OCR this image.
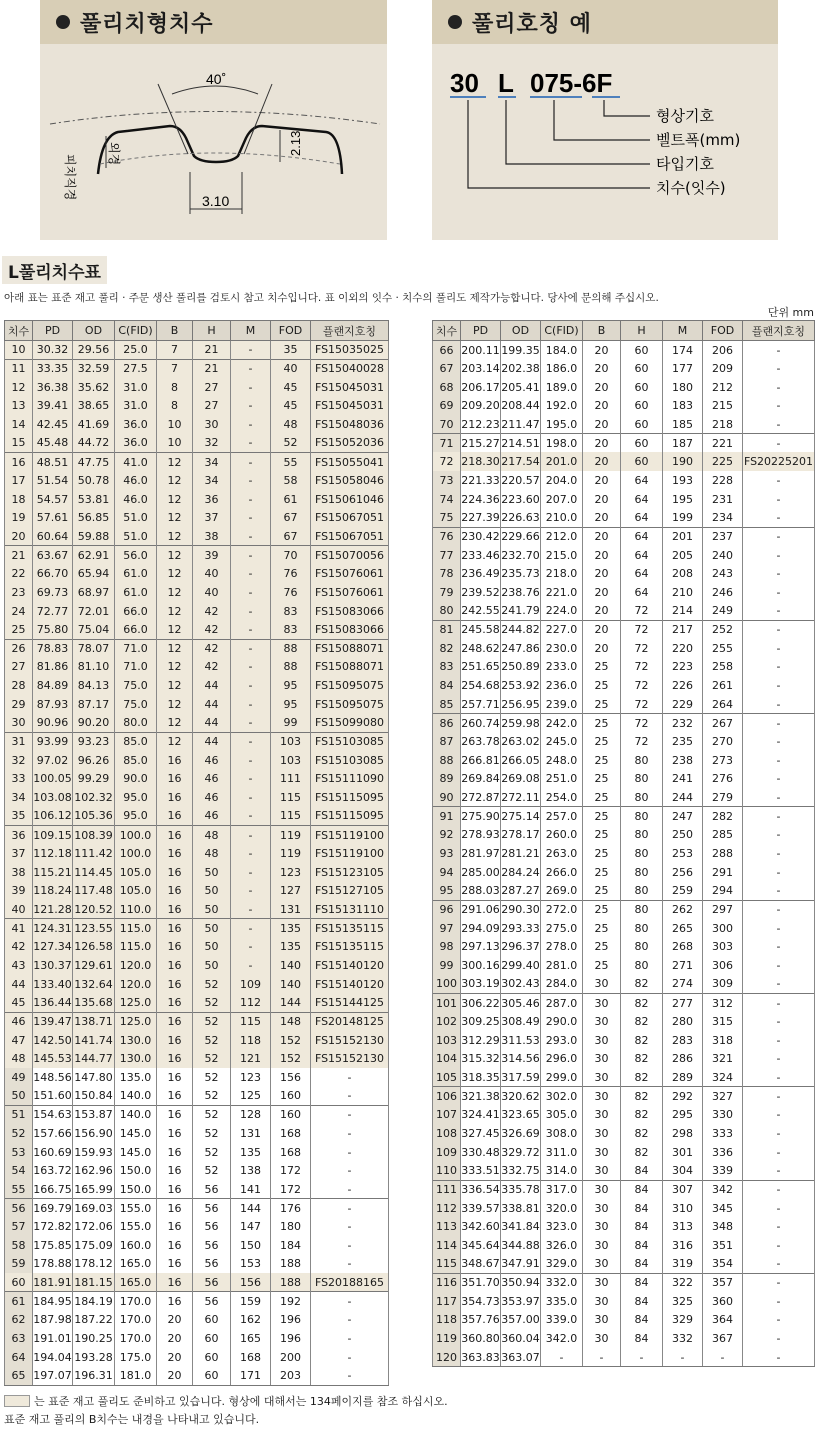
풀리치형치수
40˚
2.13
3.10
외경
피치직경
풀리호칭 예
30 L 075-6F
형상기호
벨트폭(mm)
타입기호
치수(잇수)
L풀리치수표
아래 표는 표준 재고 풀리 · 주문 생산 풀리를 검토시 참고 치수입니다. 표 이외의 잇수 · 치수의 풀리도 제작가능합니다. 당사에 문의해 주십시오.
단위 mm
치수	PD	OD	C(FID)	B	H	M	FOD	플랜지호칭
10	30.32	29.56	25.0	7	21	-	35	FS15035025
11	33.35	32.59	27.5	7	21	-	40	FS15040028
12	36.38	35.62	31.0	8	27	-	45	FS15045031
13	39.41	38.65	31.0	8	27	-	45	FS15045031
14	42.45	41.69	36.0	10	30	-	48	FS15048036
15	45.48	44.72	36.0	10	32	-	52	FS15052036
16	48.51	47.75	41.0	12	34	-	55	FS15055041
17	51.54	50.78	46.0	12	34	-	58	FS15058046
18	54.57	53.81	46.0	12	36	-	61	FS15061046
19	57.61	56.85	51.0	12	37	-	67	FS15067051
20	60.64	59.88	51.0	12	38	-	67	FS15067051
21	63.67	62.91	56.0	12	39	-	70	FS15070056
22	66.70	65.94	61.0	12	40	-	76	FS15076061
23	69.73	68.97	61.0	12	40	-	76	FS15076061
24	72.77	72.01	66.0	12	42	-	83	FS15083066
25	75.80	75.04	66.0	12	42	-	83	FS15083066
26	78.83	78.07	71.0	12	42	-	88	FS15088071
27	81.86	81.10	71.0	12	42	-	88	FS15088071
28	84.89	84.13	75.0	12	44	-	95	FS15095075
29	87.93	87.17	75.0	12	44	-	95	FS15095075
30	90.96	90.20	80.0	12	44	-	99	FS15099080
31	93.99	93.23	85.0	12	44	-	103	FS15103085
32	97.02	96.26	85.0	16	46	-	103	FS15103085
33	100.05	99.29	90.0	16	46	-	111	FS15111090
34	103.08	102.32	95.0	16	46	-	115	FS15115095
35	106.12	105.36	95.0	16	46	-	115	FS15115095
36	109.15	108.39	100.0	16	48	-	119	FS15119100
37	112.18	111.42	100.0	16	48	-	119	FS15119100
38	115.21	114.45	105.0	16	50	-	123	FS15123105
39	118.24	117.48	105.0	16	50	-	127	FS15127105
40	121.28	120.52	110.0	16	50	-	131	FS15131110
41	124.31	123.55	115.0	16	50	-	135	FS15135115
42	127.34	126.58	115.0	16	50	-	135	FS15135115
43	130.37	129.61	120.0	16	50	-	140	FS15140120
44	133.40	132.64	120.0	16	52	109	140	FS15140120
45	136.44	135.68	125.0	16	52	112	144	FS15144125
46	139.47	138.71	125.0	16	52	115	148	FS20148125
47	142.50	141.74	130.0	16	52	118	152	FS15152130
48	145.53	144.77	130.0	16	52	121	152	FS15152130
49	148.56	147.80	135.0	16	52	123	156	-
50	151.60	150.84	140.0	16	52	125	160	-
51	154.63	153.87	140.0	16	52	128	160	-
52	157.66	156.90	145.0	16	52	131	168	-
53	160.69	159.93	145.0	16	52	135	168	-
54	163.72	162.96	150.0	16	52	138	172	-
55	166.75	165.99	150.0	16	56	141	172	-
56	169.79	169.03	155.0	16	56	144	176	-
57	172.82	172.06	155.0	16	56	147	180	-
58	175.85	175.09	160.0	16	56	150	184	-
59	178.88	178.12	165.0	16	56	153	188	-
60	181.91	181.15	165.0	16	56	156	188	FS20188165
61	184.95	184.19	170.0	16	56	159	192	-
62	187.98	187.22	170.0	20	60	162	196	-
63	191.01	190.25	170.0	20	60	165	196	-
64	194.04	193.28	175.0	20	60	168	200	-
65	197.07	196.31	181.0	20	60	171	203	-
치수	PD	OD	C(FID)	B	H	M	FOD	플랜지호칭
66	200.11	199.35	184.0	20	60	174	206	-
67	203.14	202.38	186.0	20	60	177	209	-
68	206.17	205.41	189.0	20	60	180	212	-
69	209.20	208.44	192.0	20	60	183	215	-
70	212.23	211.47	195.0	20	60	185	218	-
71	215.27	214.51	198.0	20	60	187	221	-
72	218.30	217.54	201.0	20	60	190	225	FS20225201
73	221.33	220.57	204.0	20	64	193	228	-
74	224.36	223.60	207.0	20	64	195	231	-
75	227.39	226.63	210.0	20	64	199	234	-
76	230.42	229.66	212.0	20	64	201	237	-
77	233.46	232.70	215.0	20	64	205	240	-
78	236.49	235.73	218.0	20	64	208	243	-
79	239.52	238.76	221.0	20	64	210	246	-
80	242.55	241.79	224.0	20	72	214	249	-
81	245.58	244.82	227.0	20	72	217	252	-
82	248.62	247.86	230.0	20	72	220	255	-
83	251.65	250.89	233.0	25	72	223	258	-
84	254.68	253.92	236.0	25	72	226	261	-
85	257.71	256.95	239.0	25	72	229	264	-
86	260.74	259.98	242.0	25	72	232	267	-
87	263.78	263.02	245.0	25	72	235	270	-
88	266.81	266.05	248.0	25	80	238	273	-
89	269.84	269.08	251.0	25	80	241	276	-
90	272.87	272.11	254.0	25	80	244	279	-
91	275.90	275.14	257.0	25	80	247	282	-
92	278.93	278.17	260.0	25	80	250	285	-
93	281.97	281.21	263.0	25	80	253	288	-
94	285.00	284.24	266.0	25	80	256	291	-
95	288.03	287.27	269.0	25	80	259	294	-
96	291.06	290.30	272.0	25	80	262	297	-
97	294.09	293.33	275.0	25	80	265	300	-
98	297.13	296.37	278.0	25	80	268	303	-
99	300.16	299.40	281.0	25	80	271	306	-
100	303.19	302.43	284.0	30	82	274	309	-
101	306.22	305.46	287.0	30	82	277	312	-
102	309.25	308.49	290.0	30	82	280	315	-
103	312.29	311.53	293.0	30	82	283	318	-
104	315.32	314.56	296.0	30	82	286	321	-
105	318.35	317.59	299.0	30	82	289	324	-
106	321.38	320.62	302.0	30	82	292	327	-
107	324.41	323.65	305.0	30	82	295	330	-
108	327.45	326.69	308.0	30	82	298	333	-
109	330.48	329.72	311.0	30	82	301	336	-
110	333.51	332.75	314.0	30	84	304	339	-
111	336.54	335.78	317.0	30	84	307	342	-
112	339.57	338.81	320.0	30	84	310	345	-
113	342.60	341.84	323.0	30	84	313	348	-
114	345.64	344.88	326.0	30	84	316	351	-
115	348.67	347.91	329.0	30	84	319	354	-
116	351.70	350.94	332.0	30	84	322	357	-
117	354.73	353.97	335.0	30	84	325	360	-
118	357.76	357.00	339.0	30	84	329	364	-
119	360.80	360.04	342.0	30	84	332	367	-
120	363.83	363.07	-	-	-	-	-	-
는 표준 재고 풀리도 준비하고 있습니다. 형상에 대해서는 134페이지를 참조 하십시오.
표준 재고 풀리의 B치수는 내경을 나타내고 있습니다.
